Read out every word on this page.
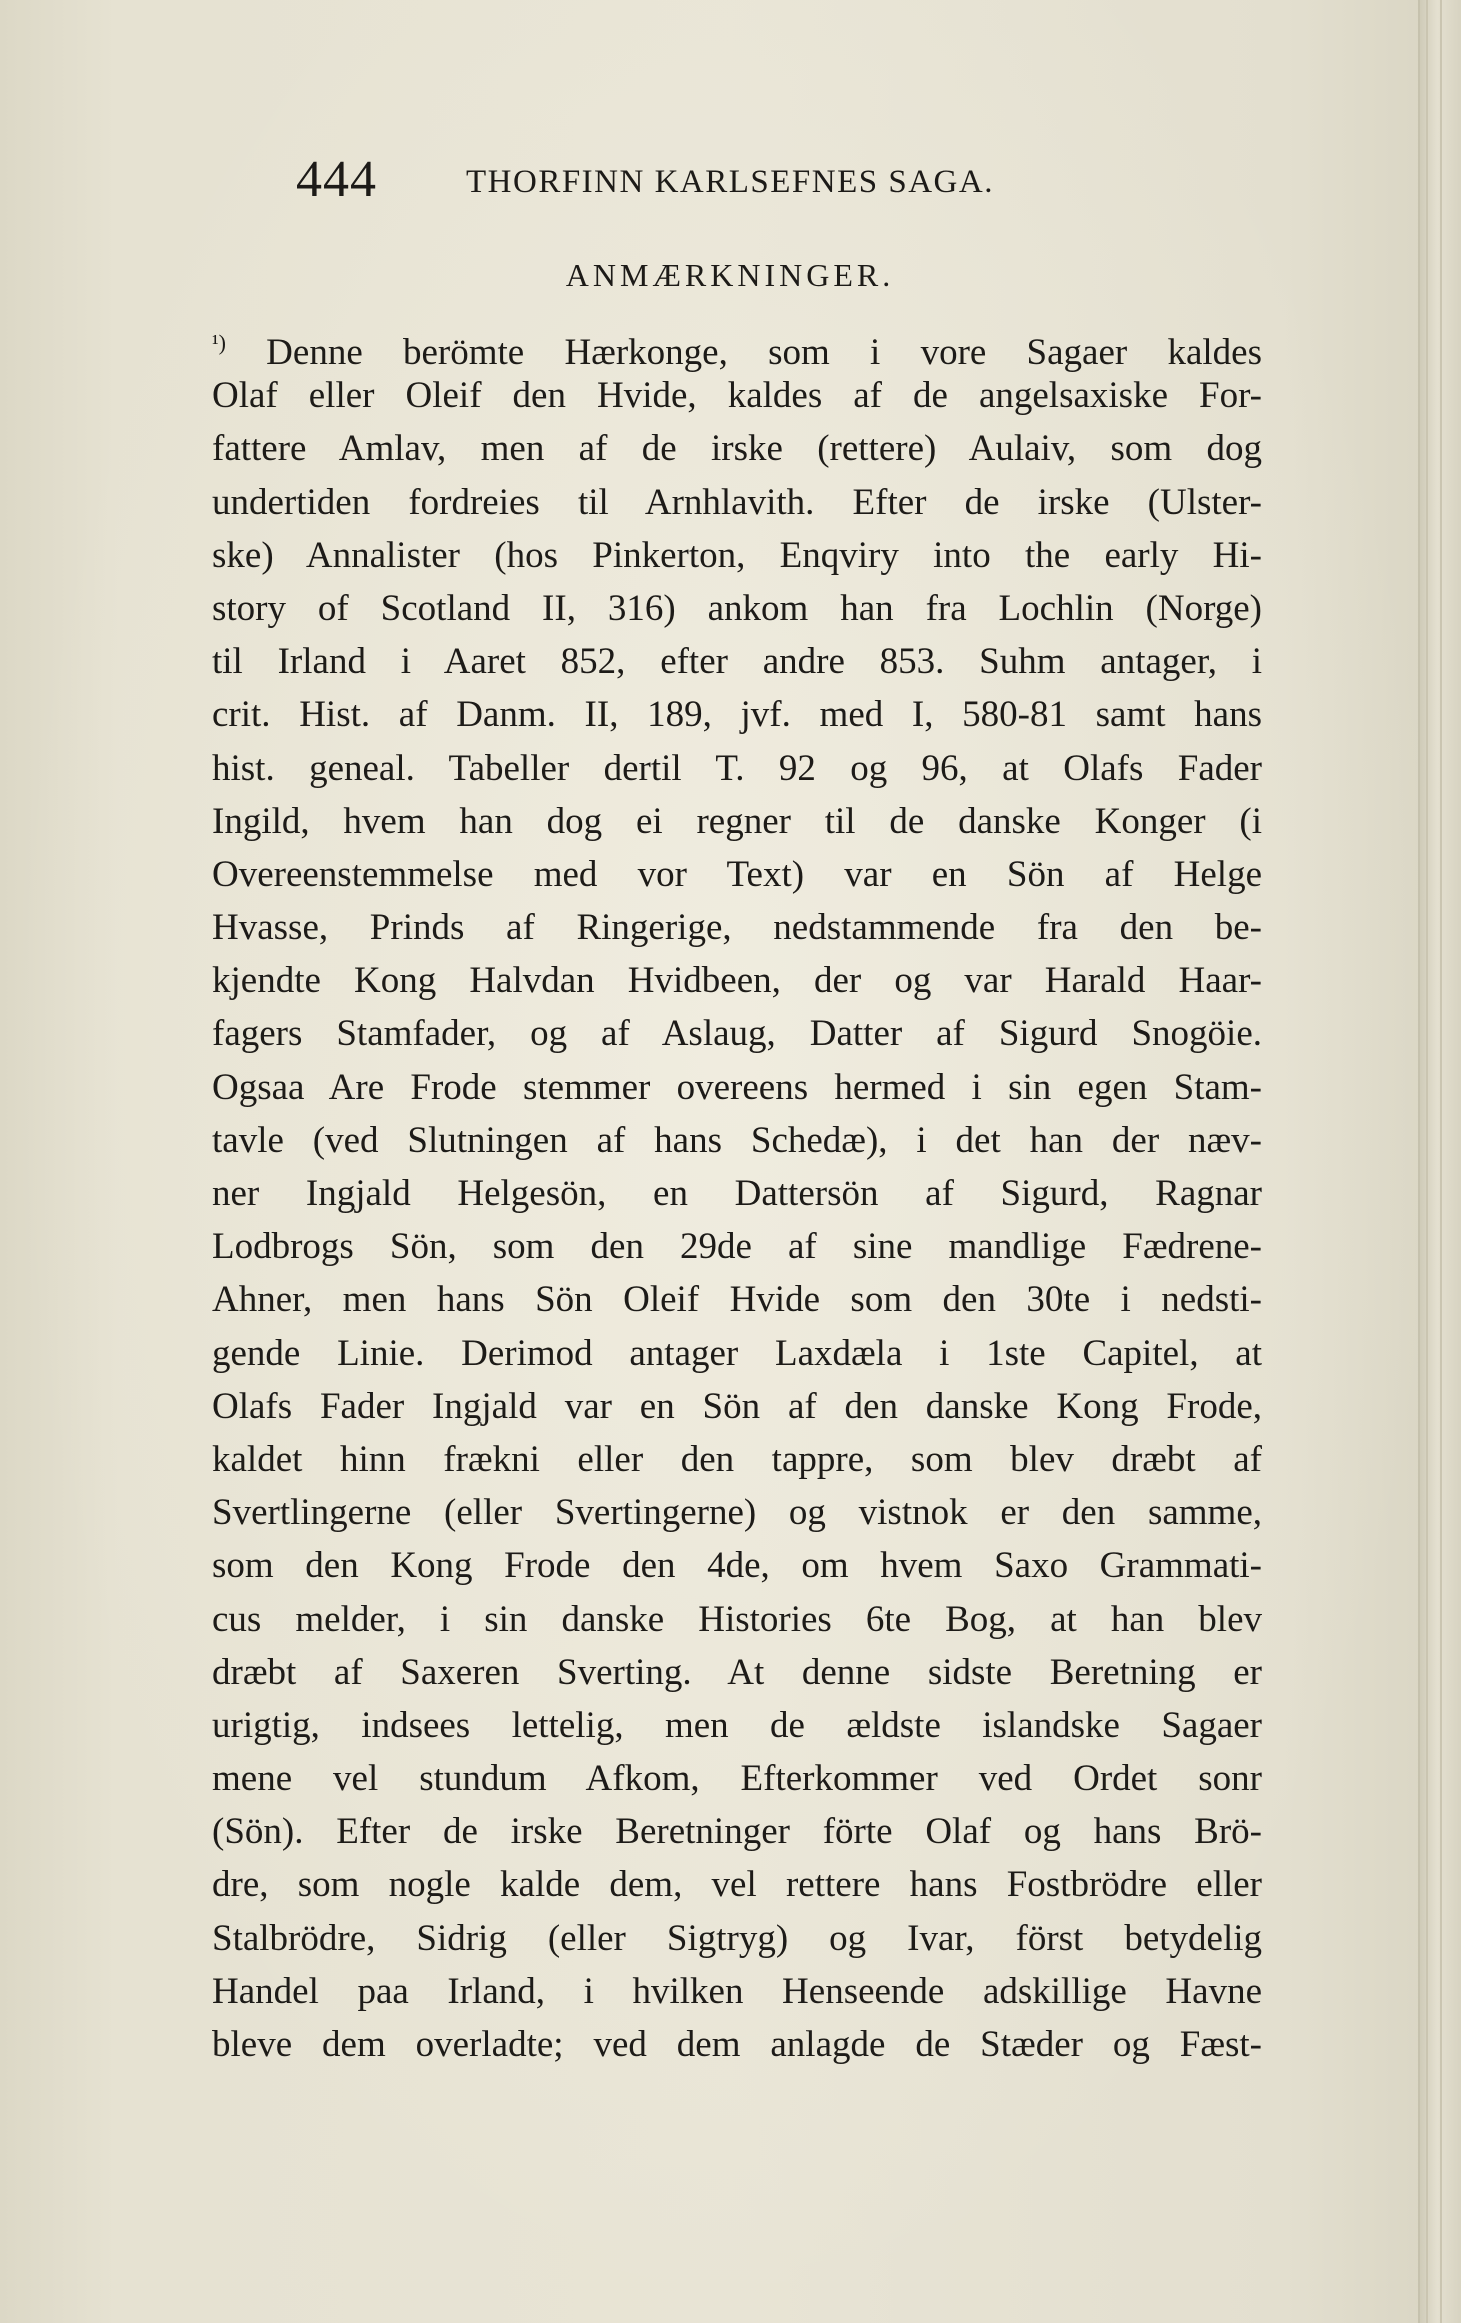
444	THORFINN KARLSEFNES SAGA.
ANMÆRKNINGER.
$^{^1)}$ Denne berömte Hærkonge, som i vore Sagaer kaldes
Olaf eller Oleif den Hvide, kaldes af de angelsaxiske For-
fattere Amlav, men af de irske (rettere) Aulaiv, som dog
undertiden fordreies til Arnhlavith. Efter de irske (Ulster-
ske) Annalister (hos Pinkerton, Enqviry into the early Hi-
story of Scotland II, 316) ankom han fra Lochlin (Norge)
til Irland i Aaret 852, efter andre 853. Suhm antager, i
crit. Hist. af Danm. II, 189, jvf. med I, 580-81 samt hans
hist. geneal. Tabeller dertil T. 92 og 96, at Olafs Fader
Ingild, hvem han dog ei regner til de danske Konger (i
Overeenstemmelse med vor Text) var en Sön af Helge
Hvasse, Prinds af Ringerige, nedstammende fra den be-
kjendte Kong Halvdan Hvidbeen, der og var Harald Haar-
fagers Stamfader, og af Aslaug, Datter af Sigurd Snogöie.
Ogsaa Are Frode stemmer overeens hermed i sin egen Stam-
tavle (ved Slutningen af hans Schedæ), i det han der næv-
ner Ingjald Helgesön, en Dattersön af Sigurd, Ragnar
Lodbrogs Sön, som den 29de af sine mandlige Fædrene-
Ahner, men hans Sön Oleif Hvide som den 30te i nedsti-
gende Linie. Derimod antager Laxdæla i 1ste Capitel, at
Olafs Fader Ingjald var en Sön af den danske Kong Frode,
kaldet hinn frækni eller den tappre, som blev dræbt af
Svertlingerne (eller Svertingerne) og vistnok er den samme,
som den Kong Frode den 4de, om hvem Saxo Grammati-
cus melder, i sin danske Histories 6te Bog, at han blev
dræbt af Saxeren Sverting. At denne sidste Beretning er
urigtig, indsees lettelig, men de ældste islandske Sagaer
mene vel stundum Afkom, Efterkommer ved Ordet sonr
(Sön). Efter de irske Beretninger förte Olaf og hans Brö-
dre, som nogle kalde dem, vel rettere hans Fostbrödre eller
Stalbrödre, Sidrig (eller Sigtryg) og Ivar, först betydelig
Handel paa Irland, i hvilken Henseende adskillige Havne
bleve dem overladte; ved dem anlagde de Stæder og Fæst-
